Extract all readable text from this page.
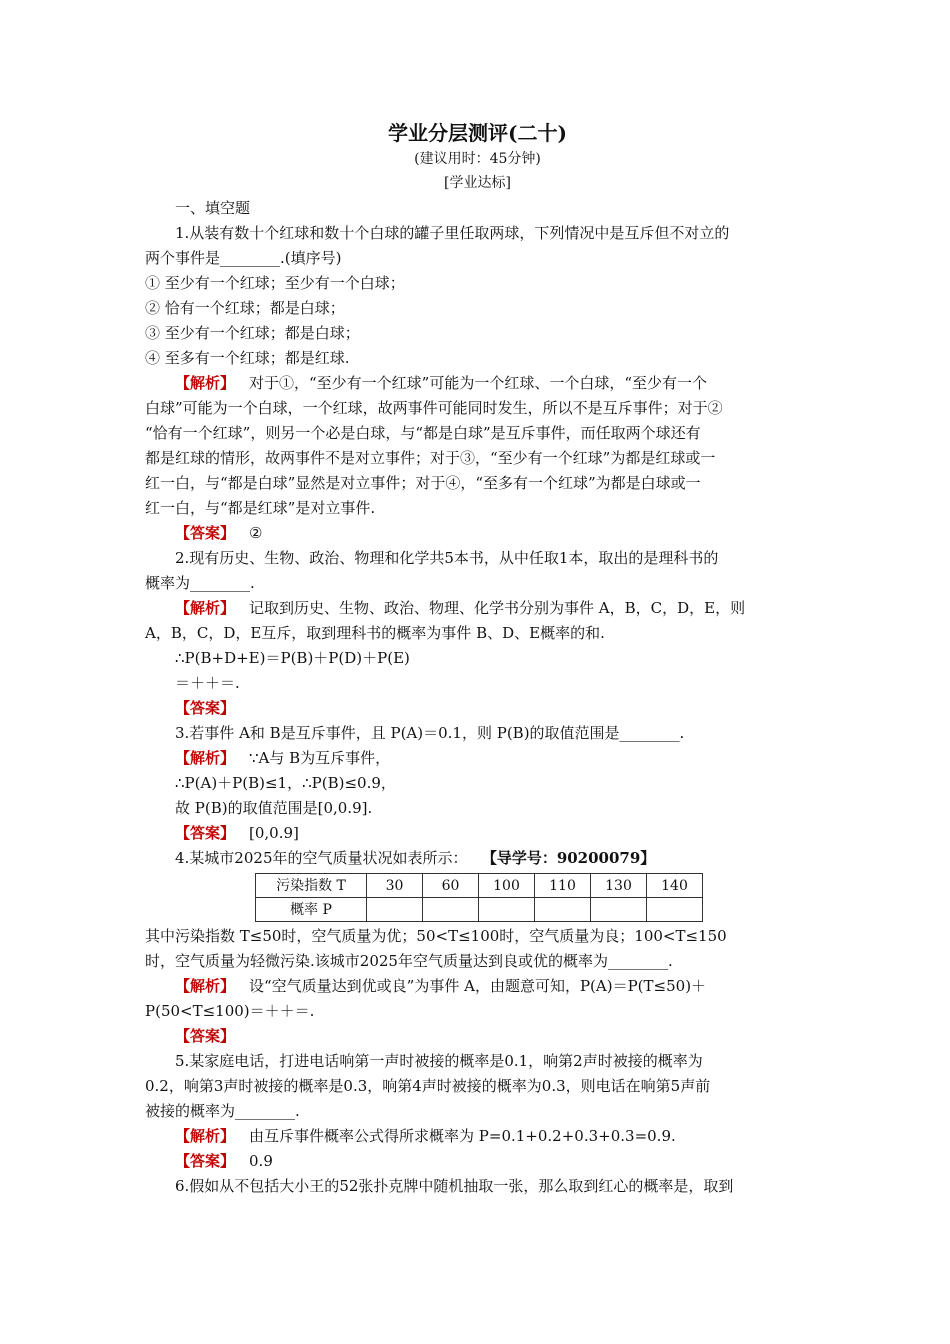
学业分层测评(二十)
(建议用时：45分钟)
[学业达标]

一、填空题

1.从装有数十个红球和数十个白球的罐子里任取两球，下列情况中是互斥但不对立的

两个事件是________.(填序号)

① 至少有一个红球；至少有一个白球；

② 恰有一个红球；都是白球；

③ 至少有一个红球；都是白球；

④ 至多有一个红球；都是红球.

【解析】 对于①，“至少有一个红球”可能为一个红球、一个白球，“至少有一个

白球”可能为一个白球，一个红球，故两事件可能同时发生，所以不是互斥事件；对于②

“恰有一个红球”，则另一个必是白球，与“都是白球”是互斥事件，而任取两个球还有

都是红球的情形，故两事件不是对立事件；对于③，“至少有一个红球”为都是红球或一

红一白，与“都是白球”显然是对立事件；对于④，“至多有一个红球”为都是白球或一

红一白，与“都是红球”是对立事件.

【答案】 ②

2.现有历史、生物、政治、物理和化学共5本书，从中任取1本，取出的是理科书的

概率为________.

【解析】 记取到历史、生物、政治、物理、化学书分别为事件 A，B，C，D，E，则

A，B，C，D，E互斥，取到理科书的概率为事件 B、D、E概率的和.

∴P(B+D+E)＝P(B)＋P(D)＋P(E)

＝＋＋＝.

【答案】

3.若事件 A和 B是互斥事件，且 P(A)＝0.1，则 P(B)的取值范围是________.

【解析】 ∵A与 B为互斥事件，

∴P(A)＋P(B)≤1，∴P(B)≤0.9，

故 P(B)的取值范围是[0,0.9].

【答案】 [0,0.9]

4.某城市2025年的空气质量状况如表所示： 【导学号：90200079】

污染指数 T	30	60	100	110	130	140
概率 P						

其中污染指数 T≤50时，空气质量为优；50<T≤100时，空气质量为良；100<T≤150

时，空气质量为轻微污染.该城市2025年空气质量达到良或优的概率为________.

【解析】 设“空气质量达到优或良”为事件 A，由题意可知，P(A)＝P(T≤50)＋

P(50<T≤100)＝＋＋＝.

【答案】

5.某家庭电话，打进电话响第一声时被接的概率是0.1，响第2声时被接的概率为

0.2，响第3声时被接的概率是0.3，响第4声时被接的概率为0.3，则电话在响第5声前

被接的概率为________.

【解析】 由互斥事件概率公式得所求概率为 P=0.1+0.2+0.3+0.3=0.9.

【答案】 0.9

6.假如从不包括大小王的52张扑克牌中随机抽取一张，那么取到红心的概率是，取到
